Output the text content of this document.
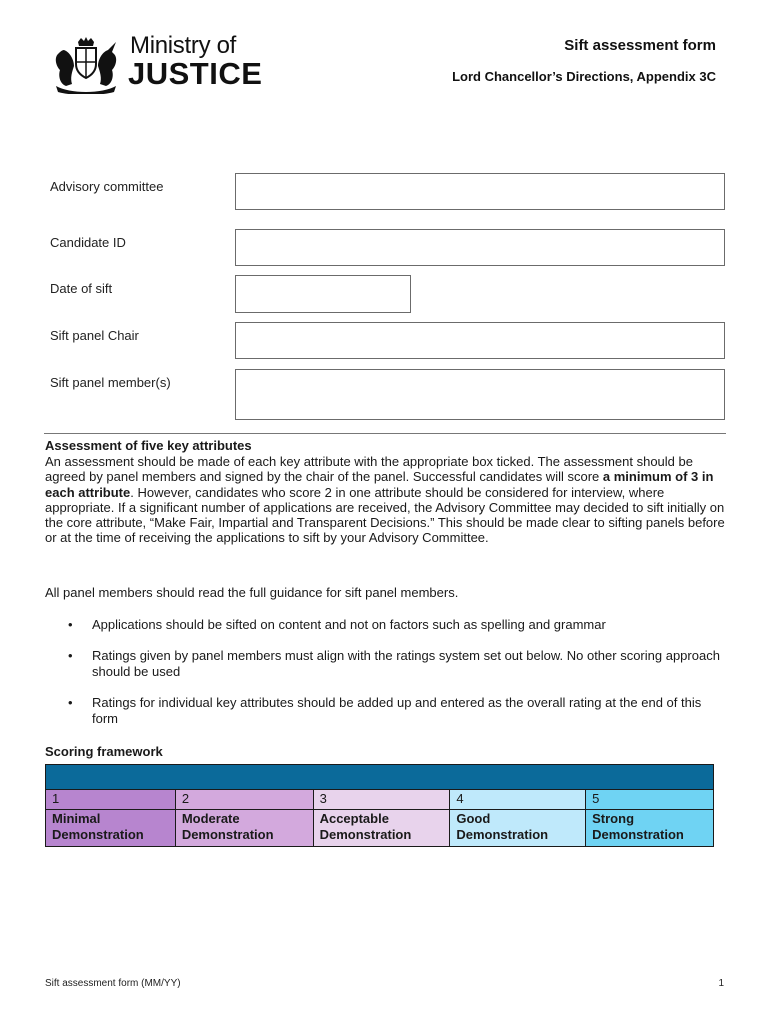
Ministry of
JUSTICE
Sift assessment form
Lord Chancellor’s Directions, Appendix 3C
Advisory committee
Candidate ID
Date of sift
Sift panel Chair
Sift panel member(s)
Assessment of five key attributes
An assessment should be made of each key attribute with the appropriate box ticked. The assessment should be agreed by panel members and signed by the chair of the panel. Successful candidates will score a minimum of 3 in each attribute. However, candidates who score 2 in one attribute should be considered for interview, where appropriate. If a significant number of applications are received, the Advisory Committee may decided to sift initially on the core attribute, “Make Fair, Impartial and Transparent Decisions.” This should be made clear to sifting panels before or at the time of receiving the applications to sift by your Advisory Committee.
All panel members should read the full guidance for sift panel members.
• Applications should be sifted on content and not on factors such as spelling and grammar
• Ratings given by panel members must align with the ratings system set out below. No other scoring approach should be used
• Ratings for individual key attributes should be added up and entered as the overall rating at the end of this form
Scoring framework

1	2	3	4	5
Minimal Demonstration	Moderate Demonstration	Acceptable Demonstration	Good Demonstration	Strong Demonstration
Sift assessment form (MM/YY)	1
